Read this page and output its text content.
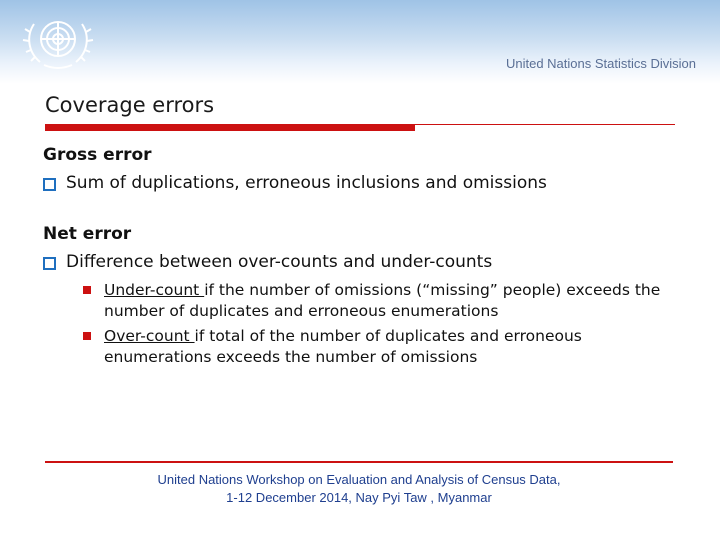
United Nations Statistics Division
Coverage errors

Gross error

Sum of duplications, erroneous inclusions and omissions

Net error

Difference between over-counts and under-counts
Under-count if the number of omissions (“missing” people) exceeds the number of duplicates and erroneous enumerations
Over-count if total of the number of duplicates and erroneous enumerations exceeds the number of omissions
United Nations Workshop on Evaluation and Analysis of Census Data,
1-12 December 2014, Nay Pyi Taw , Myanmar
